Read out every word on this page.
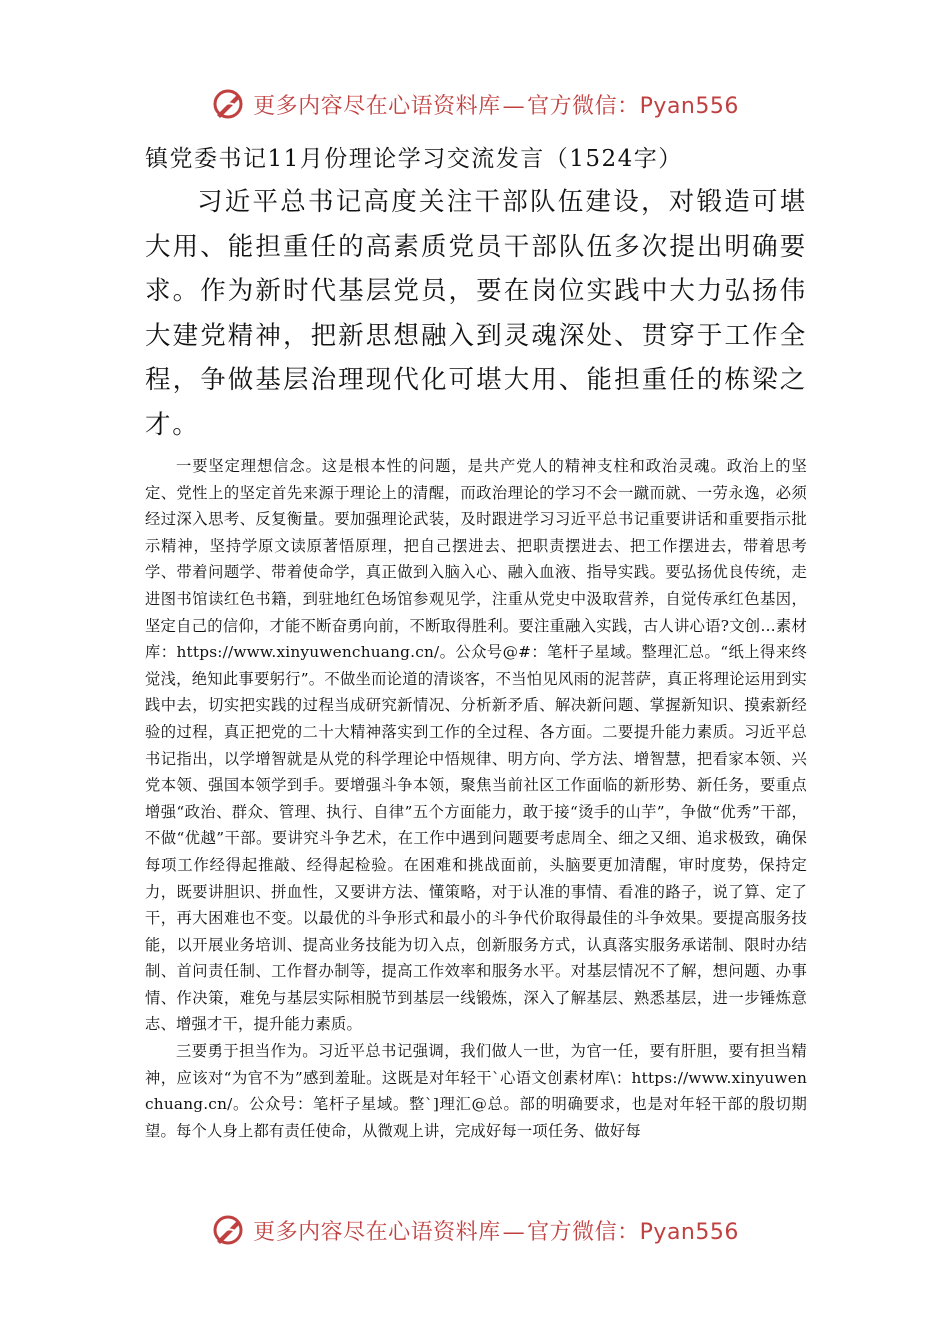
更多内容尽在心语资料库—官方微信：Pyan556
镇党委书记11月份理论学习交流发言（1524字）

习近平总书记高度关注干部队伍建设，对锻造可堪大用、能担重任的高素质党员干部队伍多次提出明确要求。作为新时代基层党员，要在岗位实践中大力弘扬伟大建党精神，把新思想融入到灵魂深处、贯穿于工作全程，争做基层治理现代化可堪大用、能担重任的栋梁之才。

一要坚定理想信念。这是根本性的问题，是共产党人的精神支柱和政治灵魂。政治上的坚定、党性上的坚定首先来源于理论上的清醒，而政治理论的学习不会一蹴而就、一劳永逸，必须经过深入思考、反复衡量。要加强理论武装，及时跟进学习习近平总书记重要讲话和重要指示批示精神，坚持学原文读原著悟原理，把自己摆进去、把职责摆进去、把工作摆进去，带着思考学、带着问题学、带着使命学，真正做到入脑入心、融入血液、指导实践。要弘扬优良传统，走进图书馆读红色书籍，到驻地红色场馆参观见学，注重从党史中汲取营养，自觉传承红色基因，坚定自己的信仰，才能不断奋勇向前，不断取得胜利。要注重融入实践，古人讲心语?文创…素材库：https://www.xinyuwenchuang.cn/。公众号@#：笔杆子星域。整理汇总。“纸上得来终觉浅，绝知此事要躬行”。不做坐而论道的清谈客，不当怕见风雨的泥菩萨，真正将理论运用到实践中去，切实把实践的过程当成研究新情况、分析新矛盾、解决新问题、掌握新知识、摸索新经验的过程，真正把党的二十大精神落实到工作的全过程、各方面。二要提升能力素质。习近平总书记指出，以学增智就是从党的科学理论中悟规律、明方向、学方法、增智慧，把看家本领、兴党本领、强国本领学到手。要增强斗争本领，聚焦当前社区工作面临的新形势、新任务，要重点增强“政治、群众、管理、执行、自律”五个方面能力，敢于接“烫手的山芋”，争做“优秀”干部，不做“优越”干部。要讲究斗争艺术，在工作中遇到问题要考虑周全、细之又细、追求极致，确保每项工作经得起推敲、经得起检验。在困难和挑战面前，头脑要更加清醒，审时度势，保持定力，既要讲胆识、拼血性，又要讲方法、懂策略，对于认准的事情、看准的路子，说了算、定了干，再大困难也不变。以最优的斗争形式和最小的斗争代价取得最佳的斗争效果。要提高服务技能，以开展业务培训、提高业务技能为切入点，创新服务方式，认真落实服务承诺制、限时办结制、首问责任制、工作督办制等，提高工作效率和服务水平。对基层情况不了解，想问题、办事情、作决策，难免与基层实际相脱节到基层一线锻炼，深入了解基层、熟悉基层，进一步锤炼意志、增强才干，提升能力素质。

三要勇于担当作为。习近平总书记强调，我们做人一世，为官一任，要有肝胆，要有担当精神，应该对“为官不为”感到羞耻。这既是对年轻干`心语文创素材库\：https://www.xinyuwenchuang.cn/。公众号：笔杆子星域。整`]理汇@总。部的明确要求，也是对年轻干部的殷切期望。每个人身上都有责任使命，从微观上讲，完成好每一项任务、做好每

更多内容尽在心语资料库—官方微信：Pyan556
